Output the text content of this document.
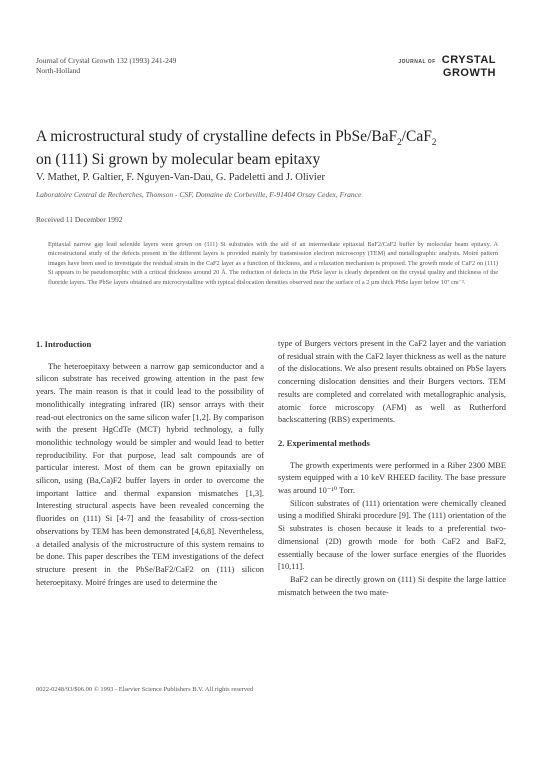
Journal of Crystal Growth 132 (1993) 241-249
North-Holland
JOURNAL OF CRYSTAL
GROWTH
A microstructural study of crystalline defects in PbSe/BaF$_2$/CaF$_2$
on (111) Si grown by molecular beam epitaxy
V. Mathet, P. Galtier, F. Nguyen-Van-Dau, G. Padeletti and J. Olivier
Laboratoire Central de Recherches, Thomson - CSF, Domaine de Corbeville, F-91404 Orsay Cedex, France
Received 11 December 1992
Epitaxial narrow gap lead selenide layers were grown on (111) Si substrates with the aid of an intermediate epitaxial BaF2/CaF2 buffer by molecular beam epitaxy. A microstructural study of the defects present in the different layers is provided mainly by transmission electron microscopy (TEM) and metallographic analysis. Moiré pattern images have been used to investigate the residual strain in the CaF2 layer as a function of thickness, and a relaxation mechanism is proposed. The growth mode of CaF2 on (111) Si appears to be pseudomorphic with a critical thickness around 20 Å. The reduction of defects in the PbSe layer is clearly dependent on the crystal quality and thickness of the fluoride layers. The PbSe layers obtained are microcrystalline with typical dislocation densities observed near the surface of a 2 µm thick PbSe layer below 10⁷ cm⁻².
1. Introduction

The heteroepitaxy between a narrow gap semiconductor and a silicon substrate has received growing attention in the past few years. The main reason is that it could lead to the possibility of monolithically integrating infrared (IR) sensor arrays with their read-out electronics on the same silicon wafer [1,2]. By comparison with the present HgCdTe (MCT) hybrid technology, a fully monolithic technology would be simpler and would lead to better reproducibility. For that purpose, lead salt compounds are of particular interest. Most of them can be grown epitaxially on silicon, using (Ba,Ca)F2 buffer layers in order to overcome the important lattice and thermal expansion mismatches [1,3]. Interesting structural aspects have been revealed concerning the fluorides on (111) Si [4-7] and the feasability of cross-section observations by TEM has been demonstrated [4,6,8]. Nevertheless, a detailed analysis of the microstructure of this system remains to be done. This paper describes the TEM investigations of the defect structure present in the PbSe/BaF2/CaF2 on (111) silicon heteroepitaxy. Moiré fringes are used to determine the

type of Burgers vectors present in the CaF2 layer and the variation of residual strain with the CaF2 layer thickness as well as the nature of the dislocations. We also present results obtained on PbSe layers concerning dislocation densities and their Burgers vectors. TEM results are completed and correlated with metallographic analysis, atomic force microscopy (AFM) as well as Rutherford backscattering (RBS) experiments.

2. Experimental methods

The growth experiments were performed in a Riber 2300 MBE system equipped with a 10 keV RHEED facility. The base pressure was around 10⁻¹⁰ Torr.

Silicon substrates of (111) orientation were chemically cleaned using a modified Shiraki procedure [9]. The (111) orientation of the Si substrates is chosen because it leads to a preferential two-dimensional (2D) growth mode for both CaF2 and BaF2, essentially because of the lower surface energies of the fluorides [10,11].

BaF2 can be directly grown on (111) Si despite the large lattice mismatch between the two mate-

0022-0248/93/$06.00 © 1993 - Elsevier Science Publishers B.V. All rights reserved
